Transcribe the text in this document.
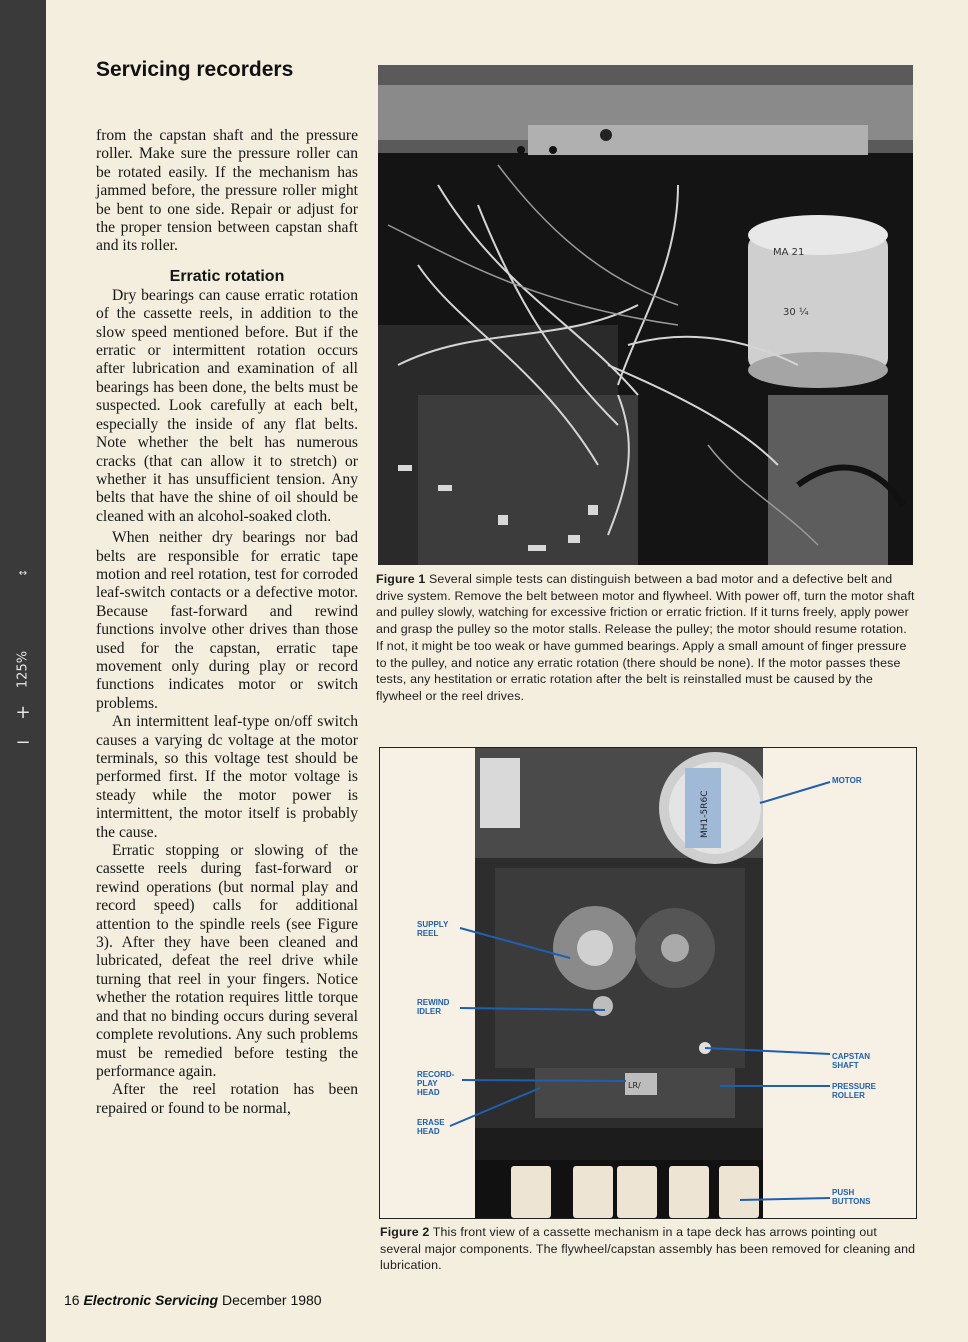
↔
125%
+
−
Servicing recorders

from the capstan shaft and the pressure roller. Make sure the pressure roller can be rotated easily. If the mechanism has jammed before, the pressure roller might be bent to one side. Repair or adjust for the proper tension between capstan shaft and its roller.

Erratic rotation

Dry bearings can cause erratic rotation of the cassette reels, in addition to the slow speed mentioned before. But if the erratic or intermittent rotation occurs after lubrication and examination of all bearings has been done, the belts must be suspected. Look carefully at each belt, especially the inside of any flat belts. Note whether the belt has numerous cracks (that can allow it to stretch) or whether it has unsufficient tension. Any belts that have the shine of oil should be cleaned with an alcohol-soaked cloth.

When neither dry bearings nor bad belts are responsible for erratic tape motion and reel rotation, test for corroded leaf-switch contacts or a defective motor. Because fast-forward and rewind functions involve other drives than those used for the capstan, erratic tape movement only during play or record functions indicates motor or switch problems.

An intermittent leaf-type on/off switch causes a varying dc voltage at the motor terminals, so this voltage test should be performed first. If the motor voltage is steady while the motor power is intermittent, the motor itself is probably the cause.

Erratic stopping or slowing of the cassette reels during fast-forward or rewind operations (but normal play and record speed) calls for additional attention to the spindle reels (see Figure 3). After they have been cleaned and lubricated, defeat the reel drive while turning that reel in your fingers. Notice whether the rotation requires little torque and that no binding occurs during several complete revolutions. Any such problems must be remedied before testing the performance again.

After the reel rotation has been repaired or found to be normal,

MA 21
30 ¼
Figure 1 Several simple tests can distinguish between a bad motor and a defective belt and drive system. Remove the belt between motor and flywheel. With power off, turn the motor shaft and pulley slowly, watching for excessive friction or erratic friction. If it turns freely, apply power and grasp the pulley so the motor stalls. Release the pulley; the motor should resume rotation. If not, it might be too weak or have gummed bearings. Apply a small amount of finger pressure to the pulley, and notice any erratic rotation (there should be none). If the motor passes these tests, any hestitation or erratic rotation after the belt is reinstalled must be caused by the flywheel or the reel drives.
MH1-5R6C
LR/
MOTOR
SUPPLY
REEL
REWIND
IDLER
RECORD-
PLAY
HEAD
ERASE
HEAD
CAPSTAN
SHAFT
PRESSURE
ROLLER
PUSH
BUTTONS
Figure 2 This front view of a cassette mechanism in a tape deck has arrows pointing out several major components. The flywheel/capstan assembly has been removed for cleaning and lubrication.
16 Electronic Servicing December 1980
